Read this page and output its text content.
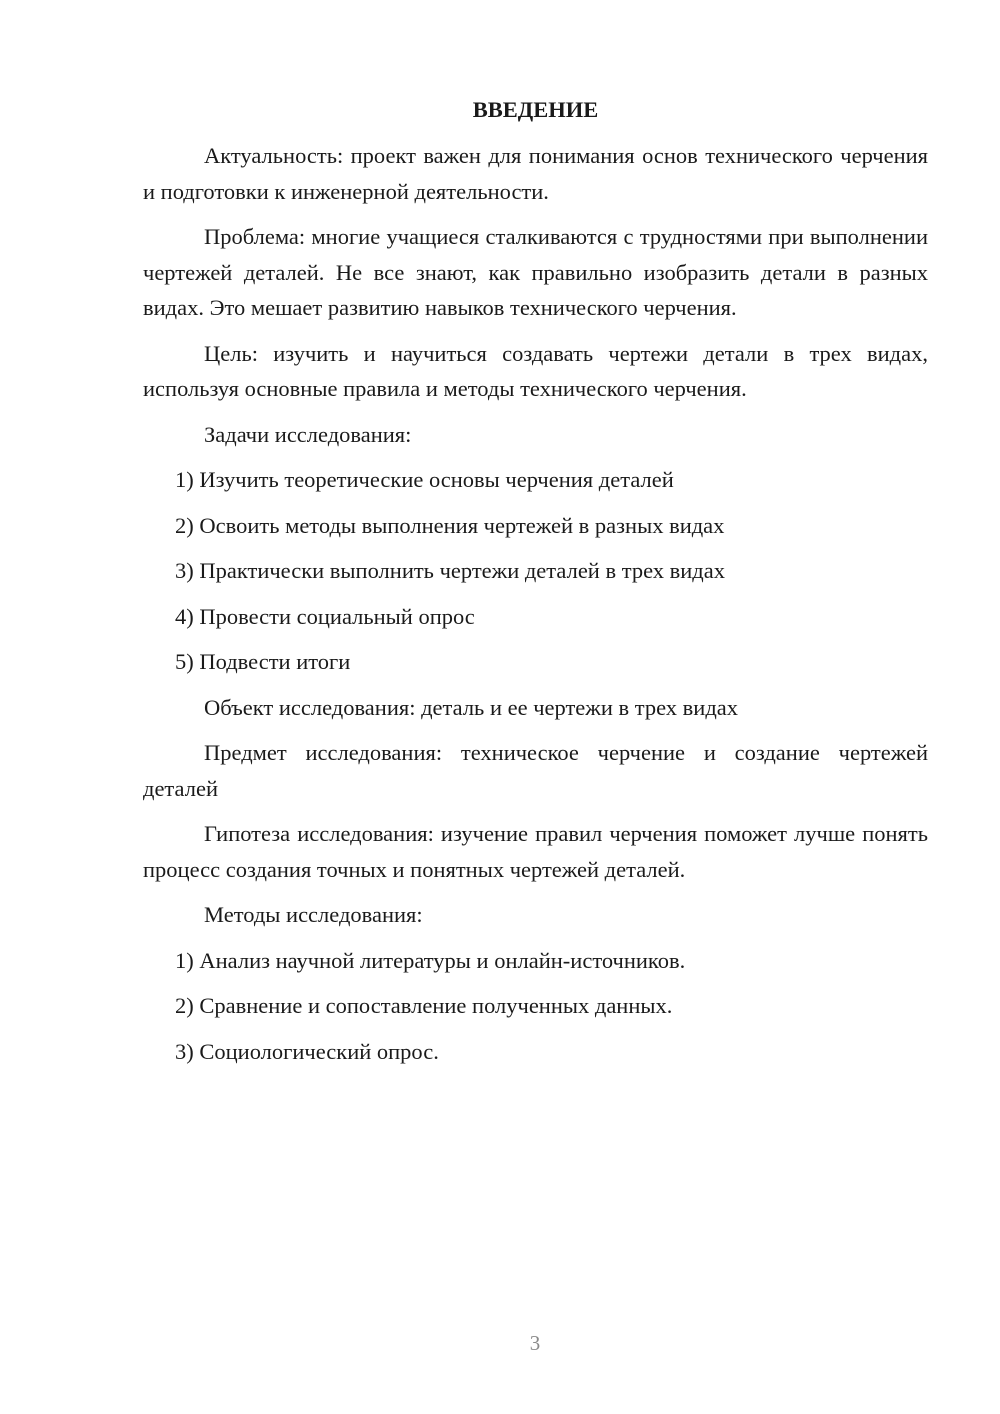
ВВЕДЕНИЕ

Актуальность: проект важен для понимания основ технического черчения и подготовки к инженерной деятельности.

Проблема: многие учащиеся сталкиваются с трудностями при выполнении чертежей деталей. Не все знают, как правильно изобразить детали в разных видах. Это мешает развитию навыков технического черчения.

Цель: изучить и научиться создавать чертежи детали в трех видах, используя основные правила и методы технического черчения.

Задачи исследования:

1) Изучить теоретические основы черчения деталей

2) Освоить методы выполнения чертежей в разных видах

3) Практически выполнить чертежи деталей в трех видах

4) Провести социальный опрос

5) Подвести итоги

Объект исследования: деталь и ее чертежи в трех видах

Предмет исследования: техническое черчение и создание чертежей деталей

Гипотеза исследования: изучение правил черчения поможет лучше понять процесс создания точных и понятных чертежей деталей.

Методы исследования:

1) Анализ научной литературы и онлайн-источников.

2) Сравнение и сопоставление полученных данных.

3) Социологический опрос.

3
